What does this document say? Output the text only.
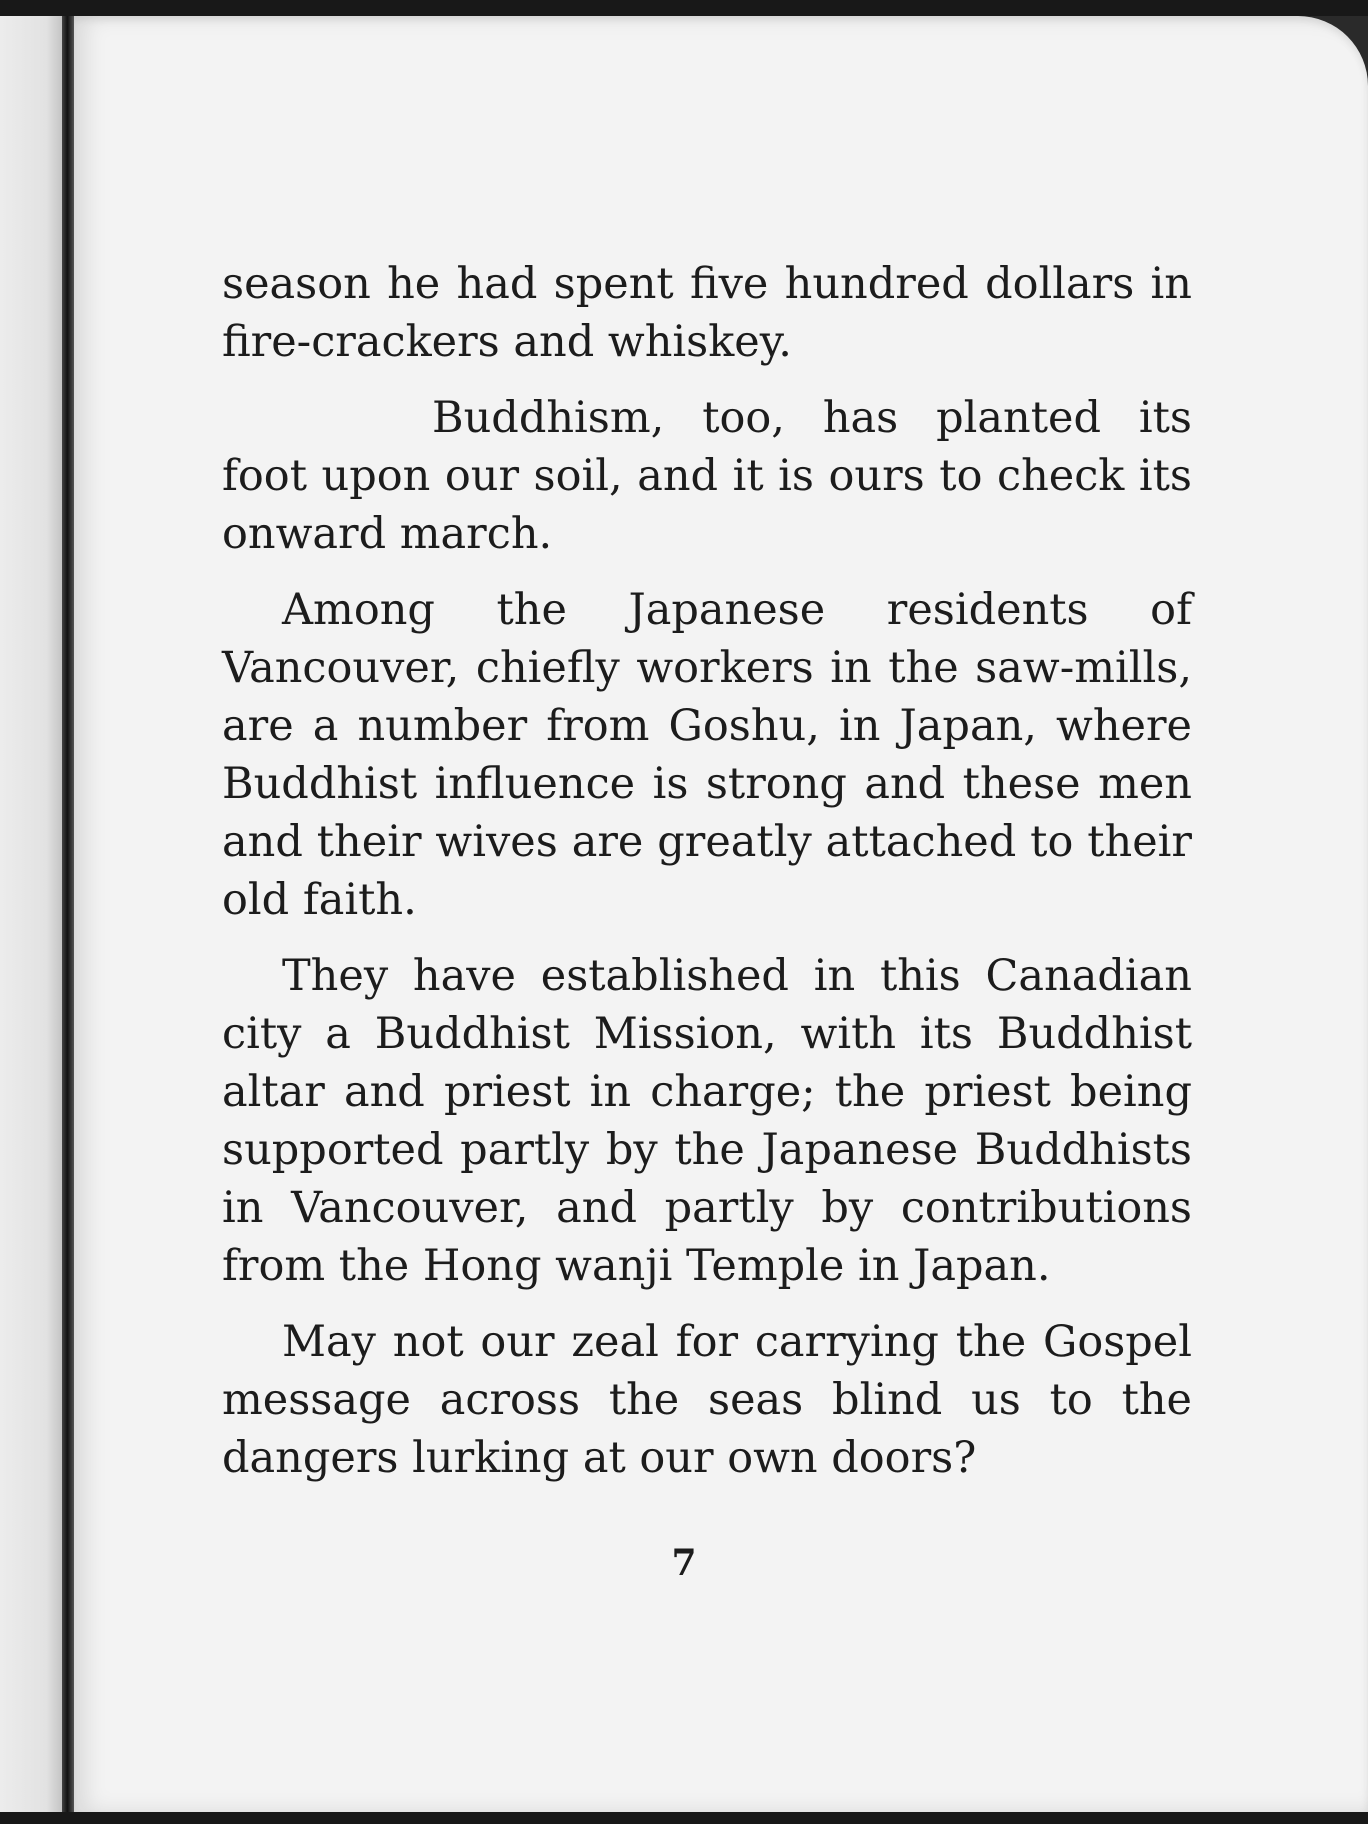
season he had spent five hundred dollars in fire-crackers and whiskey.

Buddhism, too, has planted its foot upon our soil, and it is ours to check its onward march.

Among the Japanese residents of Vancouver, chiefly workers in the saw-mills, are a number from Goshu, in Japan, where Buddhist influence is strong and these men and their wives are greatly attached to their old faith.

They have established in this Canadian city a Buddhist Mission, with its Buddhist altar and priest in charge; the priest being supported partly by the Japanese Buddhists in Vancouver, and partly by contributions from the Hong wanji Temple in Japan.

May not our zeal for carrying the Gospel message across the seas blind us to the dangers lurking at our own doors?

7
